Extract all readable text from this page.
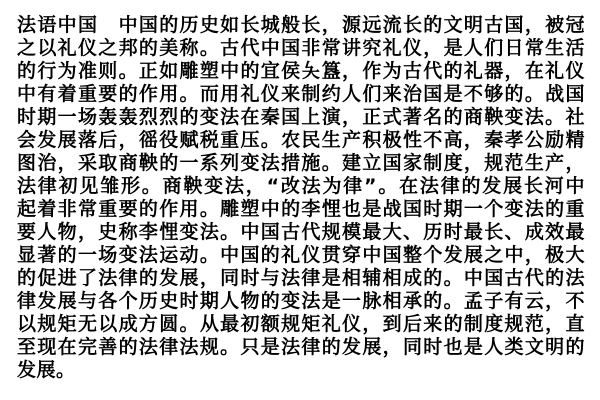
法语中国　中国的历史如长城般长，源远流长的文明古国，被冠
之以礼仪之邦的美称。古代中国非常讲究礼仪，是人们日常生活
的行为准则。正如雕塑中的宜侯夨簋，作为古代的礼器，在礼仪
中有着重要的作用。而用礼仪来制约人们来治国是不够的。战国
时期一场轰轰烈烈的变法在秦国上演，正式著名的商鞅变法。社
会发展落后，徭役赋税重压。农民生产积极性不高，秦孝公励精
图治，采取商鞅的一系列变法措施。建立国家制度，规范生产，
法律初见雏形。商鞅变法，“改法为律”。在法律的发展长河中
起着非常重要的作用。雕塑中的李悝也是战国时期一个变法的重
要人物，史称李悝变法。中国古代规模最大、历时最长、成效最
显著的一场变法运动。中国的礼仪贯穿中国整个发展之中，极大
的促进了法律的发展，同时与法律是相辅相成的。中国古代的法
律发展与各个历史时期人物的变法是一脉相承的。孟子有云，不
以规矩无以成方圆。从最初额规矩礼仪，到后来的制度规范，直
至现在完善的法律法规。只是法律的发展，同时也是人类文明的
发展。
